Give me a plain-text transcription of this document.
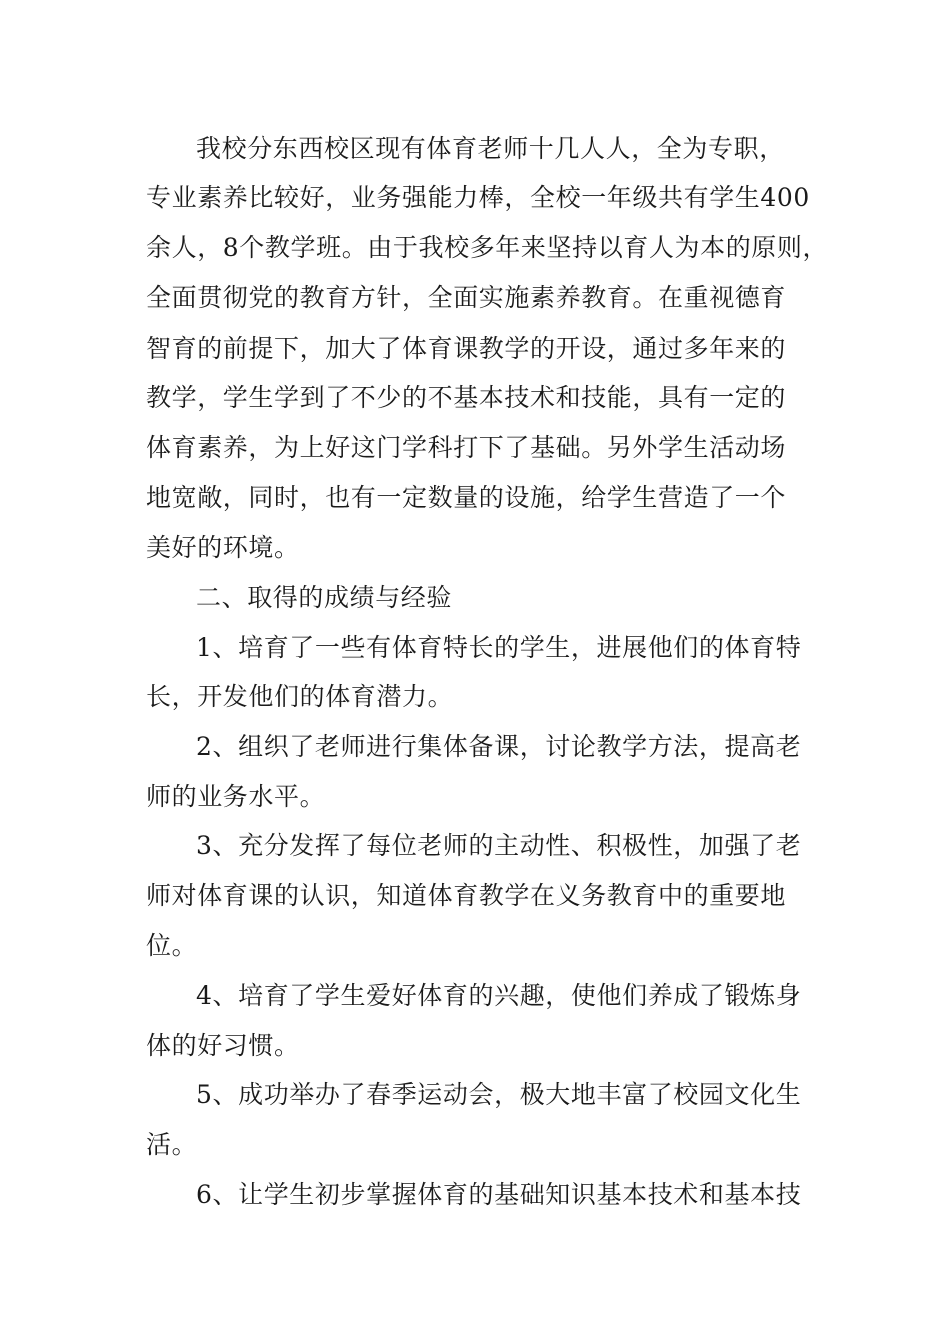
我校分东西校区现有体育老师十几人人，全为专职，
专业素养比较好，业务强能力棒，全校一年级共有学生400
余人，8个教学班。由于我校多年来坚持以育人为本的原则，
全面贯彻党的教育方针，全面实施素养教育。在重视德育
智育的前提下，加大了体育课教学的开设，通过多年来的
教学，学生学到了不少的不基本技术和技能，具有一定的
体育素养，为上好这门学科打下了基础。另外学生活动场
地宽敞，同时，也有一定数量的设施，给学生营造了一个
美好的环境。
二、取得的成绩与经验
1、培育了一些有体育特长的学生，进展他们的体育特
长，开发他们的体育潜力。
2、组织了老师进行集体备课，讨论教学方法，提高老
师的业务水平。
3、充分发挥了每位老师的主动性、积极性，加强了老
师对体育课的认识，知道体育教学在义务教育中的重要地
位。
4、培育了学生爱好体育的兴趣，使他们养成了锻炼身
体的好习惯。
5、成功举办了春季运动会，极大地丰富了校园文化生
活。
6、让学生初步掌握体育的基础知识基本技术和基本技
